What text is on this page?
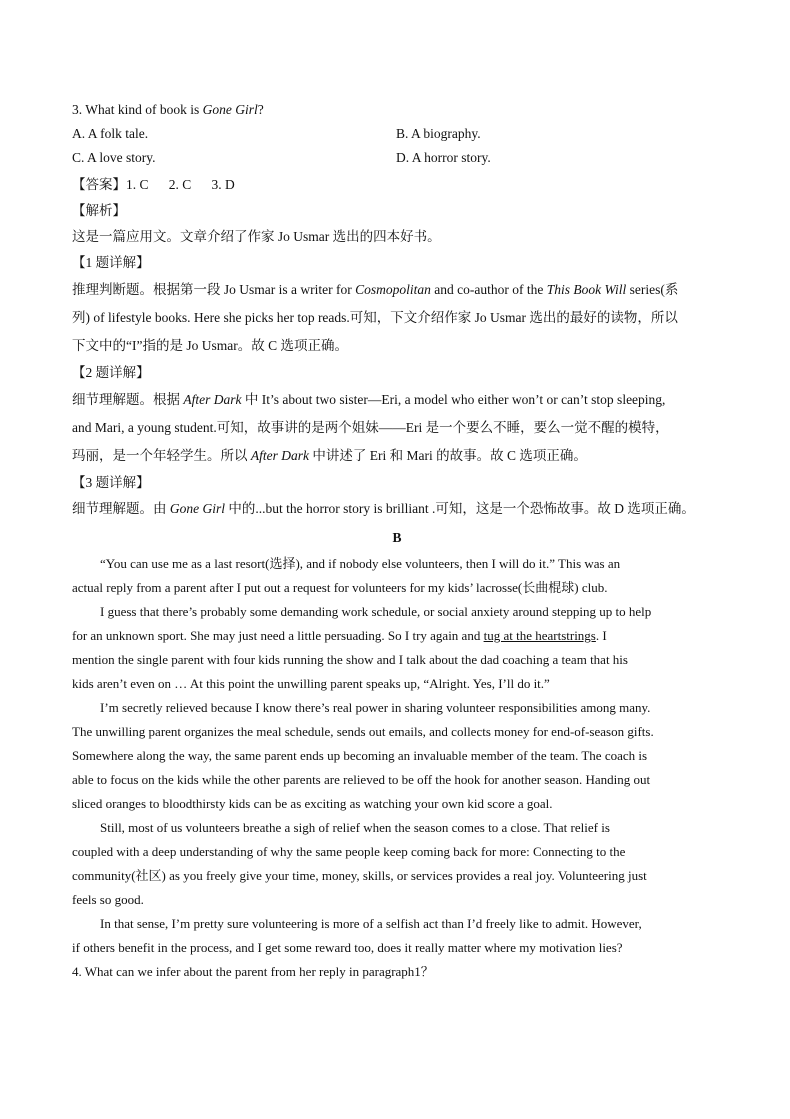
3. What kind of book is Gone Girl?
A. A folk tale.	B. A biography.
C. A love story.	D. A horror story.
【答案】1. C      2. C      3. D
【解析】
这是一篇应用文。文章介绍了作家 Jo Usmar 选出的四本好书。
【1 题详解】
推理判断题。根据第一段 Jo Usmar is a writer for Cosmopolitan and co-author of the This Book Will series(系
列) of lifestyle books. Here she picks her top reads.可知，下文介绍作家 Jo Usmar 选出的最好的读物，所以
下文中的“I”指的是 Jo Usmar。故 C 选项正确。
【2 题详解】
细节理解题。根据 After Dark 中 It’s about two sister—Eri, a model who either won’t or can’t stop sleeping,
and Mari, a young student.可知，故事讲的是两个姐妹——Eri 是一个要么不睡，要么一觉不醒的模特，
玛丽，是一个年轻学生。所以 After Dark 中讲述了 Eri 和 Mari 的故事。故 C 选项正确。
【3 题详解】
细节理解题。由 Gone Girl 中的...but the horror story is brilliant .可知，这是一个恐怖故事。故 D 选项正确。
B
“You can use me as a last resort(选择), and if nobody else volunteers, then I will do it.” This was an
actual reply from a parent after I put out a request for volunteers for my kids’ lacrosse(长曲棍球) club.
I guess that there’s probably some demanding work schedule, or social anxiety around stepping up to help
for an unknown sport. She may just need a little persuading. So I try again and tug at the heartstrings. I
mention the single parent with four kids running the show and I talk about the dad coaching a team that his
kids aren’t even on … At this point the unwilling parent speaks up, “Alright. Yes, I’ll do it.”
I’m secretly relieved because I know there’s real power in sharing volunteer responsibilities among many.
The unwilling parent organizes the meal schedule, sends out emails, and collects money for end-of-season gifts.
Somewhere along the way, the same parent ends up becoming an invaluable member of the team. The coach is
able to focus on the kids while the other parents are relieved to be off the hook for another season. Handing out
sliced oranges to bloodthirsty kids can be as exciting as watching your own kid score a goal.
Still, most of us volunteers breathe a sigh of relief when the season comes to a close. That relief is
coupled with a deep understanding of why the same people keep coming back for more: Connecting to the
community(社区) as you freely give your time, money, skills, or services provides a real joy. Volunteering just
feels so good.
In that sense, I’m pretty sure volunteering is more of a selfish act than I’d freely like to admit. However,
if others benefit in the process, and I get some reward too, does it really matter where my motivation lies?
4. What can we infer about the parent from her reply in paragraph1？
